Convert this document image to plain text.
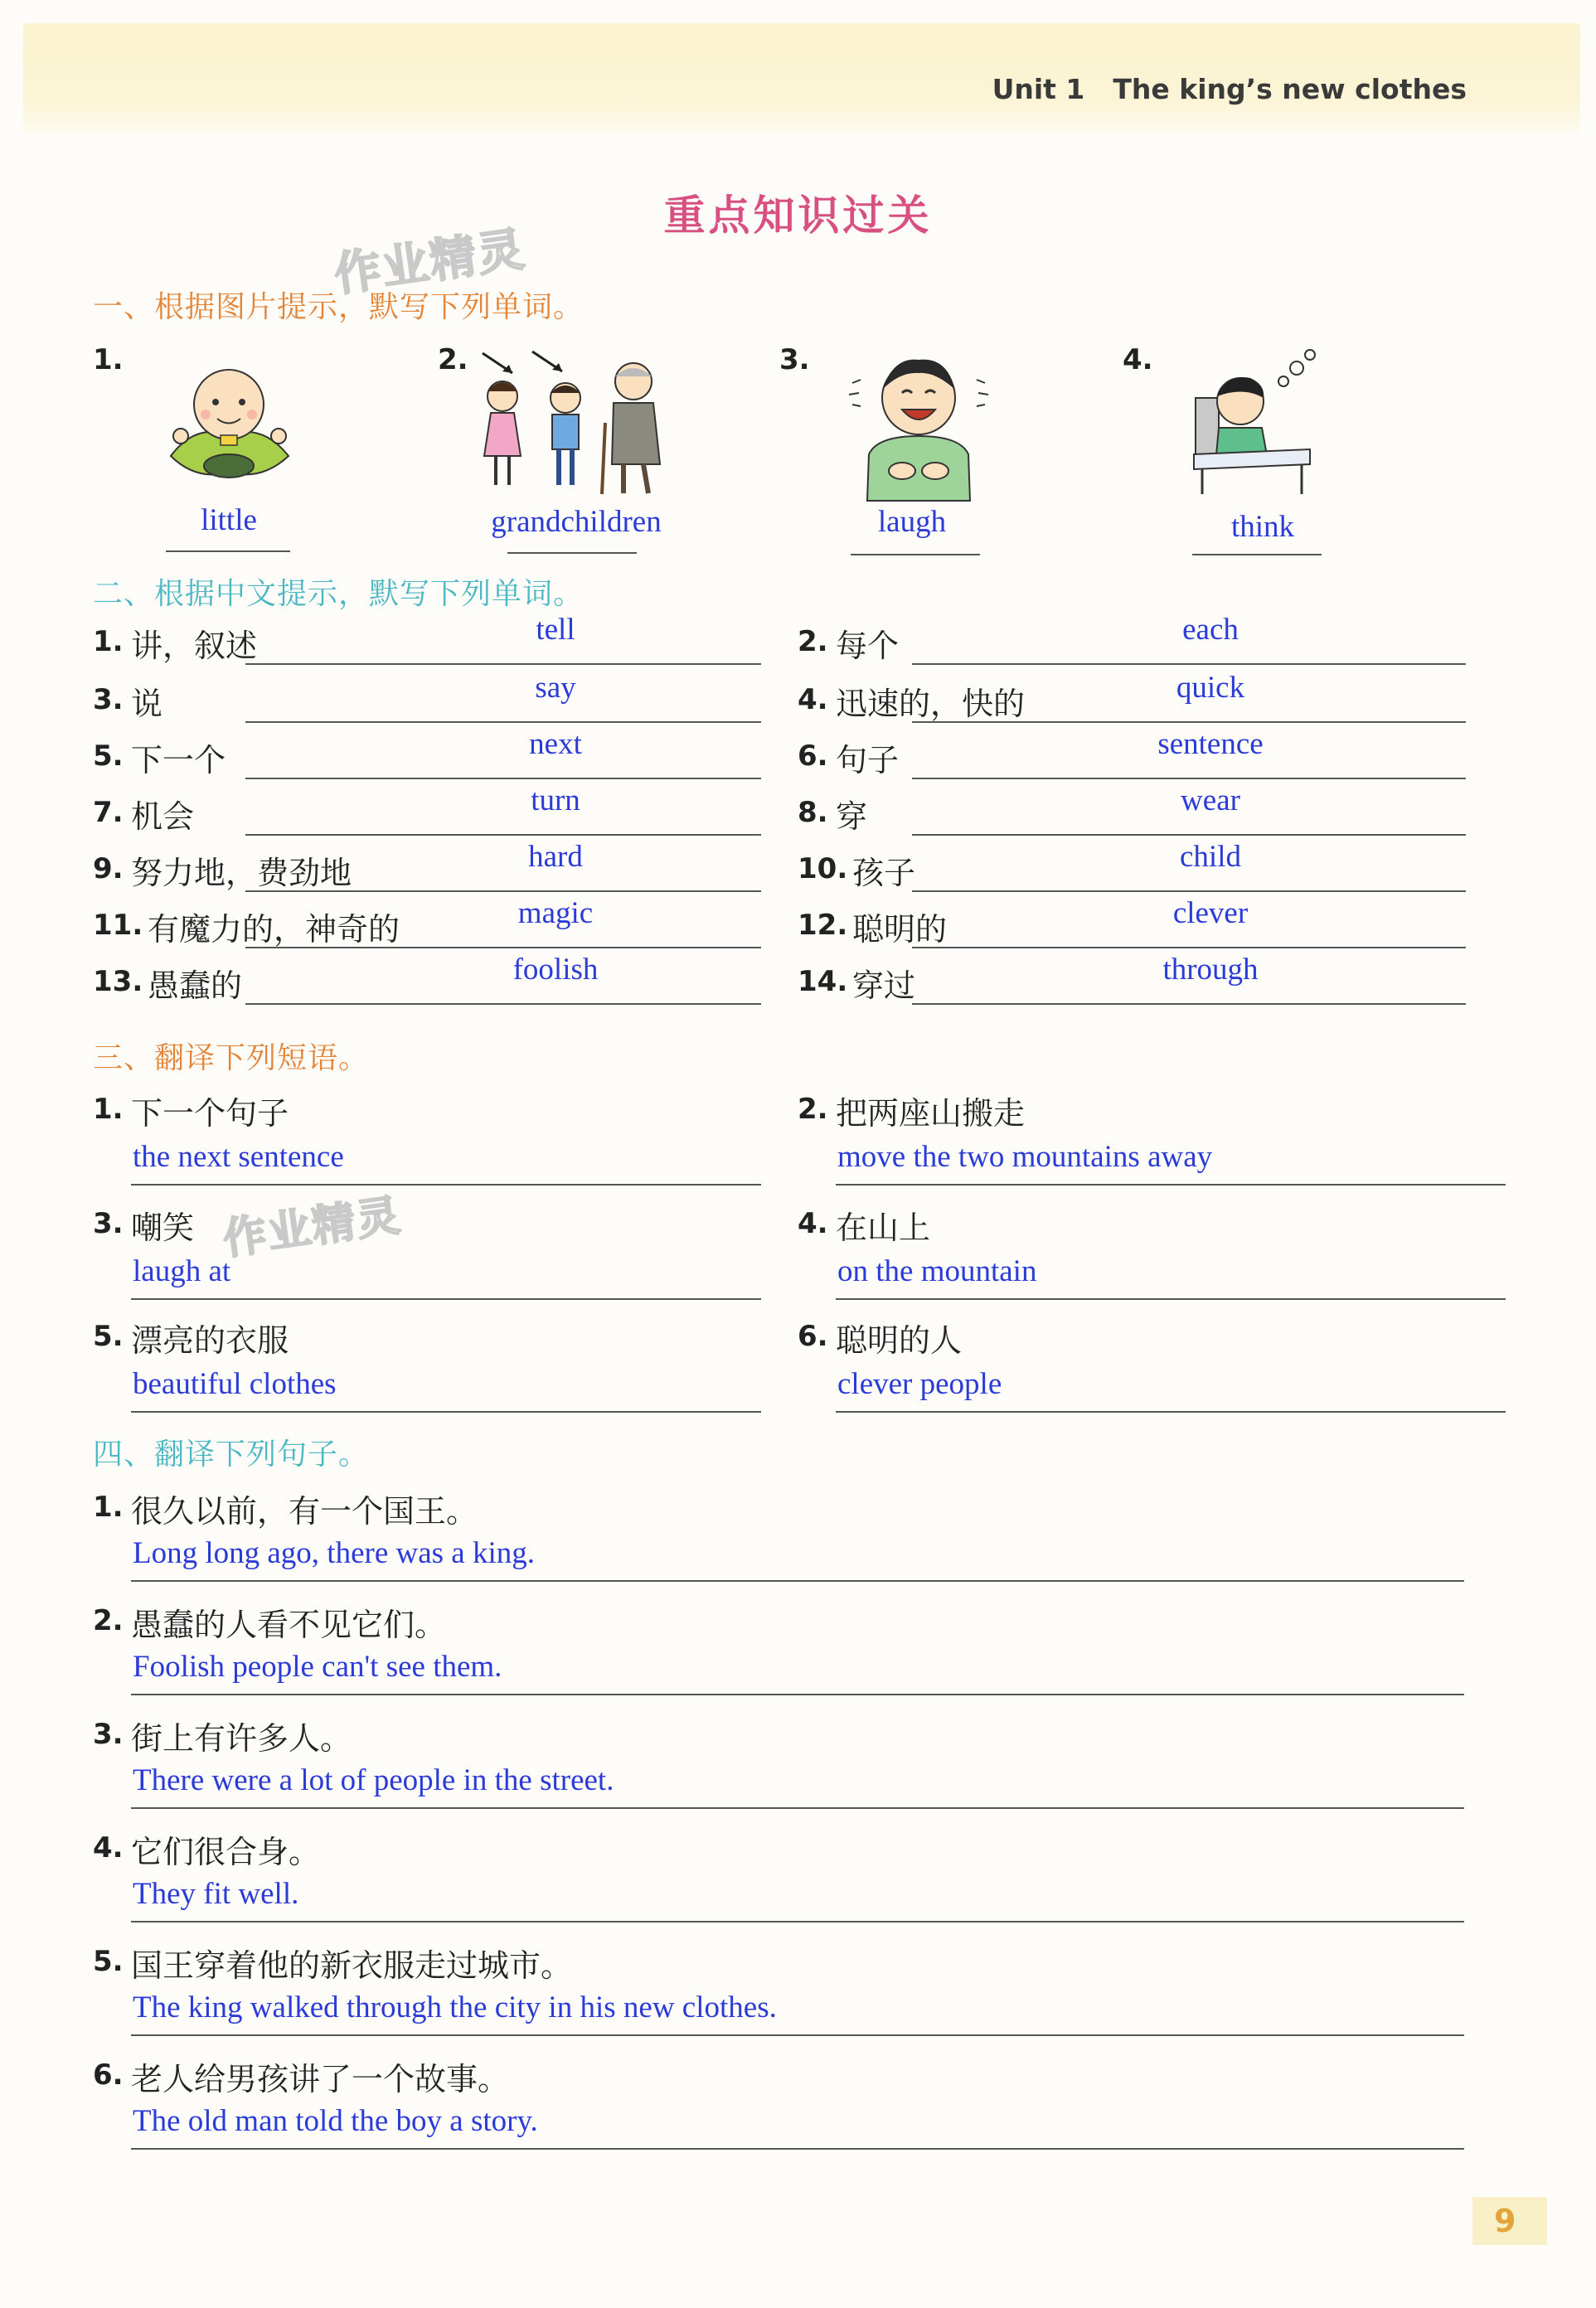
Unit 1 The king’s new clothes
重点知识过关
作业精灵
作业精灵
一、根据图片提示，默写下列单词。
1.
little
2.
grandchildren
3.
laugh
4.
think
二、根据中文提示，默写下列单词。
1. 讲，叙述	tell	2. 每个	each
3. 说	say	4. 迅速的，快的	quick
5. 下一个	next	6. 句子	sentence
7. 机会	turn	8. 穿	wear
9. 努力地，费劲地	hard	10. 孩子	child
11. 有魔力的，神奇的	magic	12. 聪明的	clever
13. 愚蠢的	foolish	14. 穿过	through
三、翻译下列短语。
1. 下一个句子
the next sentence
2. 把两座山搬走
move the two mountains away
3. 嘲笑
laugh at
4. 在山上
on the mountain
5. 漂亮的衣服
beautiful clothes
6. 聪明的人
clever people
四、翻译下列句子。
1. 很久以前，有一个国王。
Long long ago, there was a king.
2. 愚蠢的人看不见它们。
Foolish people can't see them.
3. 街上有许多人。
There were a lot of people in the street.
4. 它们很合身。
They fit well.
5. 国王穿着他的新衣服走过城市。
The king walked through the city in his new clothes.
6. 老人给男孩讲了一个故事。
The old man told the boy a story.
9
